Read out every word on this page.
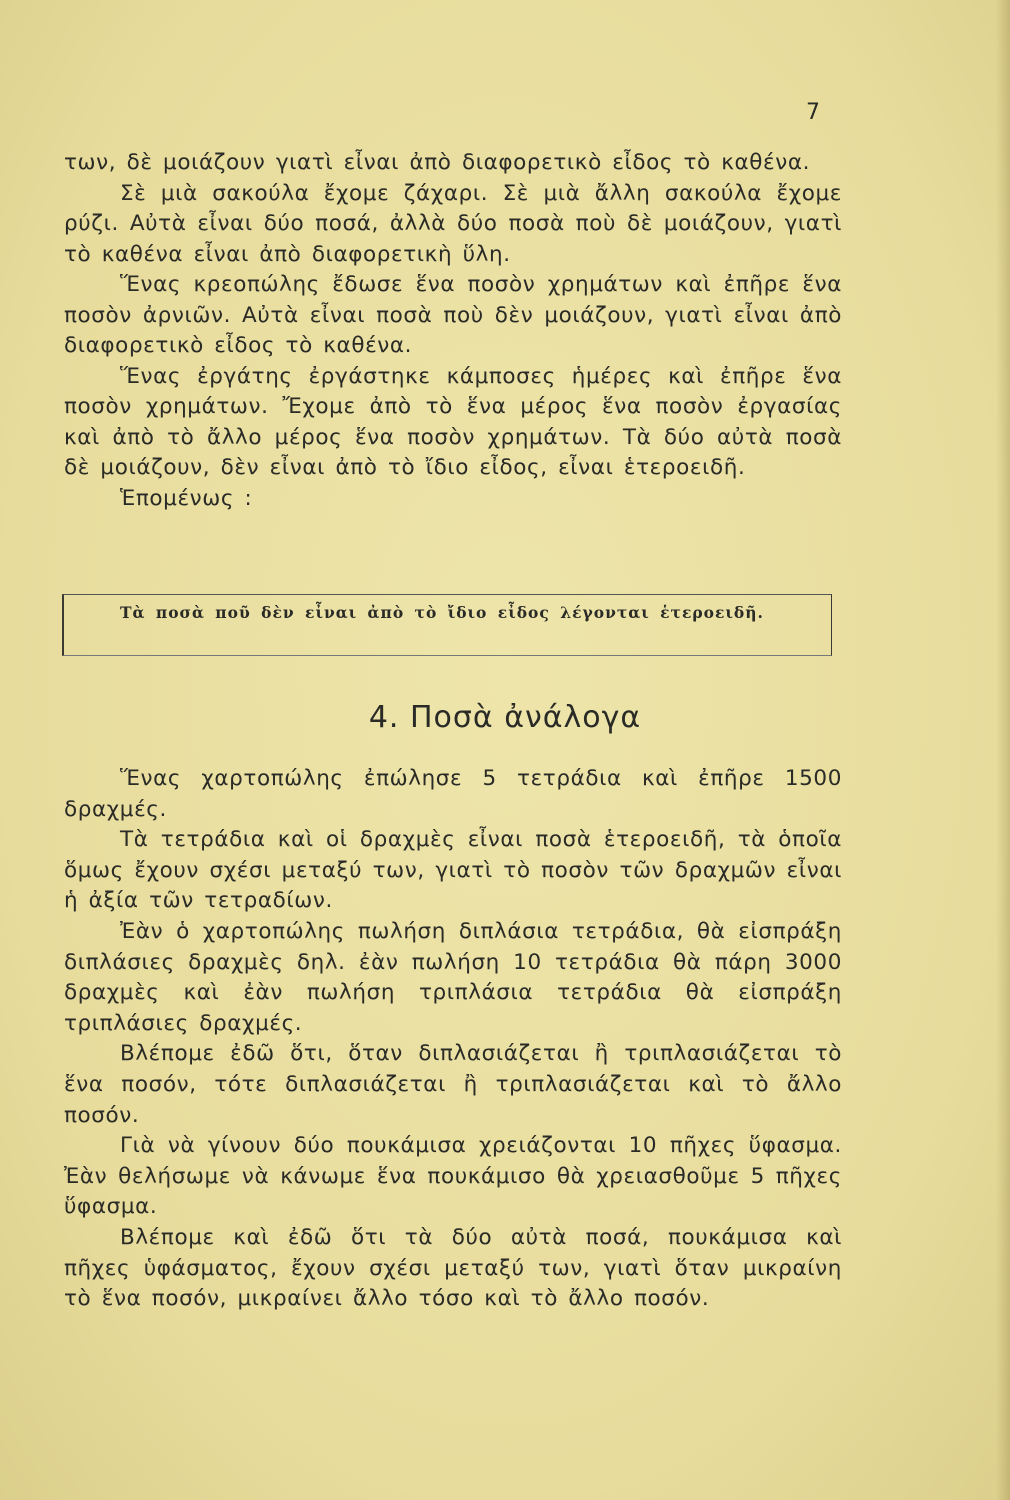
7

των, δὲ μοιάζουν γιατὶ εἶναι ἀπὸ διαφορετικὸ εἶδος τὸ καθένα.

Σὲ μιὰ σακούλα ἔχομε ζάχαρι. Σὲ μιὰ ἄλλη σακούλα ἔχομε ρύζι. Αὐτὰ εἶναι δύο ποσά, ἀλλὰ δύο ποσὰ ποὺ δὲ μοιάζουν, γιατὶ τὸ καθένα εἶναι ἀπὸ διαφορετικὴ ὕλη.

Ἕνας κρεοπώλης ἔδωσε ἕνα ποσὸν χρημάτων καὶ ἐπῆρε ἕνα ποσὸν ἀρνιῶν. Αὐτὰ εἶναι ποσὰ ποὺ δὲν μοιάζουν, γιατὶ εἶναι ἀπὸ διαφορετικὸ εἶδος τὸ καθένα.

Ἕνας ἐργάτης ἐργάστηκε κάμποσες ἡμέρες καὶ ἐπῆρε ἕνα ποσὸν χρημάτων. Ἔχομε ἀπὸ τὸ ἕνα μέρος ἕνα ποσὸν ἐργασίας καὶ ἀπὸ τὸ ἄλλο μέρος ἕνα ποσὸν χρημάτων. Τὰ δύο αὐτὰ ποσὰ δὲ μοιάζουν, δὲν εἶναι ἀπὸ τὸ ἴδιο εἶδος, εἶναι ἑτεροειδῆ.

Ἑπομένως :

Τὰ ποσὰ ποῦ δὲν εἶναι ἀπὸ τὸ ἴδιο εἶδος λέγονται ἑτεροειδῆ.
4. Ποσὰ ἀνάλογα

Ἕνας χαρτοπώλης ἐπώλησε 5 τετράδια καὶ ἐπῆρε 1500 δραχμές.

Τὰ τετράδια καὶ οἱ δραχμὲς εἶναι ποσὰ ἑτεροειδῆ, τὰ ὁποῖα ὅμως ἔχουν σχέσι μεταξύ των, γιατὶ τὸ ποσὸν τῶν δραχμῶν εἶναι ἡ ἀξία τῶν τετραδίων.

Ἐὰν ὁ χαρτοπώλης πωλήση διπλάσια τετράδια, θὰ εἰσπράξη διπλάσιες δραχμὲς δηλ. ἐὰν πωλήση 10 τετράδια θὰ πάρη 3000 δραχμὲς καὶ ἐὰν πωλήση τριπλάσια τετράδια θὰ εἰσπράξη τριπλάσιες δραχμές.

Βλέπομε ἐδῶ ὅτι, ὅταν διπλασιάζεται ἢ τριπλασιάζεται τὸ ἕνα ποσόν, τότε διπλασιάζεται ἢ τριπλασιάζεται καὶ τὸ ἄλλο ποσόν.

Γιὰ νὰ γίνουν δύο πουκάμισα χρειάζονται 10 πῆχες ὕφασμα. Ἐὰν θελήσωμε νὰ κάνωμε ἕνα πουκάμισο θὰ χρειασθοῦμε 5 πῆχες ὕφασμα.

Βλέπομε καὶ ἐδῶ ὅτι τὰ δύο αὐτὰ ποσά, πουκάμισα καὶ πῆχες ὑφάσματος, ἔχουν σχέσι μεταξύ των, γιατὶ ὅταν μικραίνη τὸ ἕνα ποσόν, μικραίνει ἄλλο τόσο καὶ τὸ ἄλλο ποσόν.
